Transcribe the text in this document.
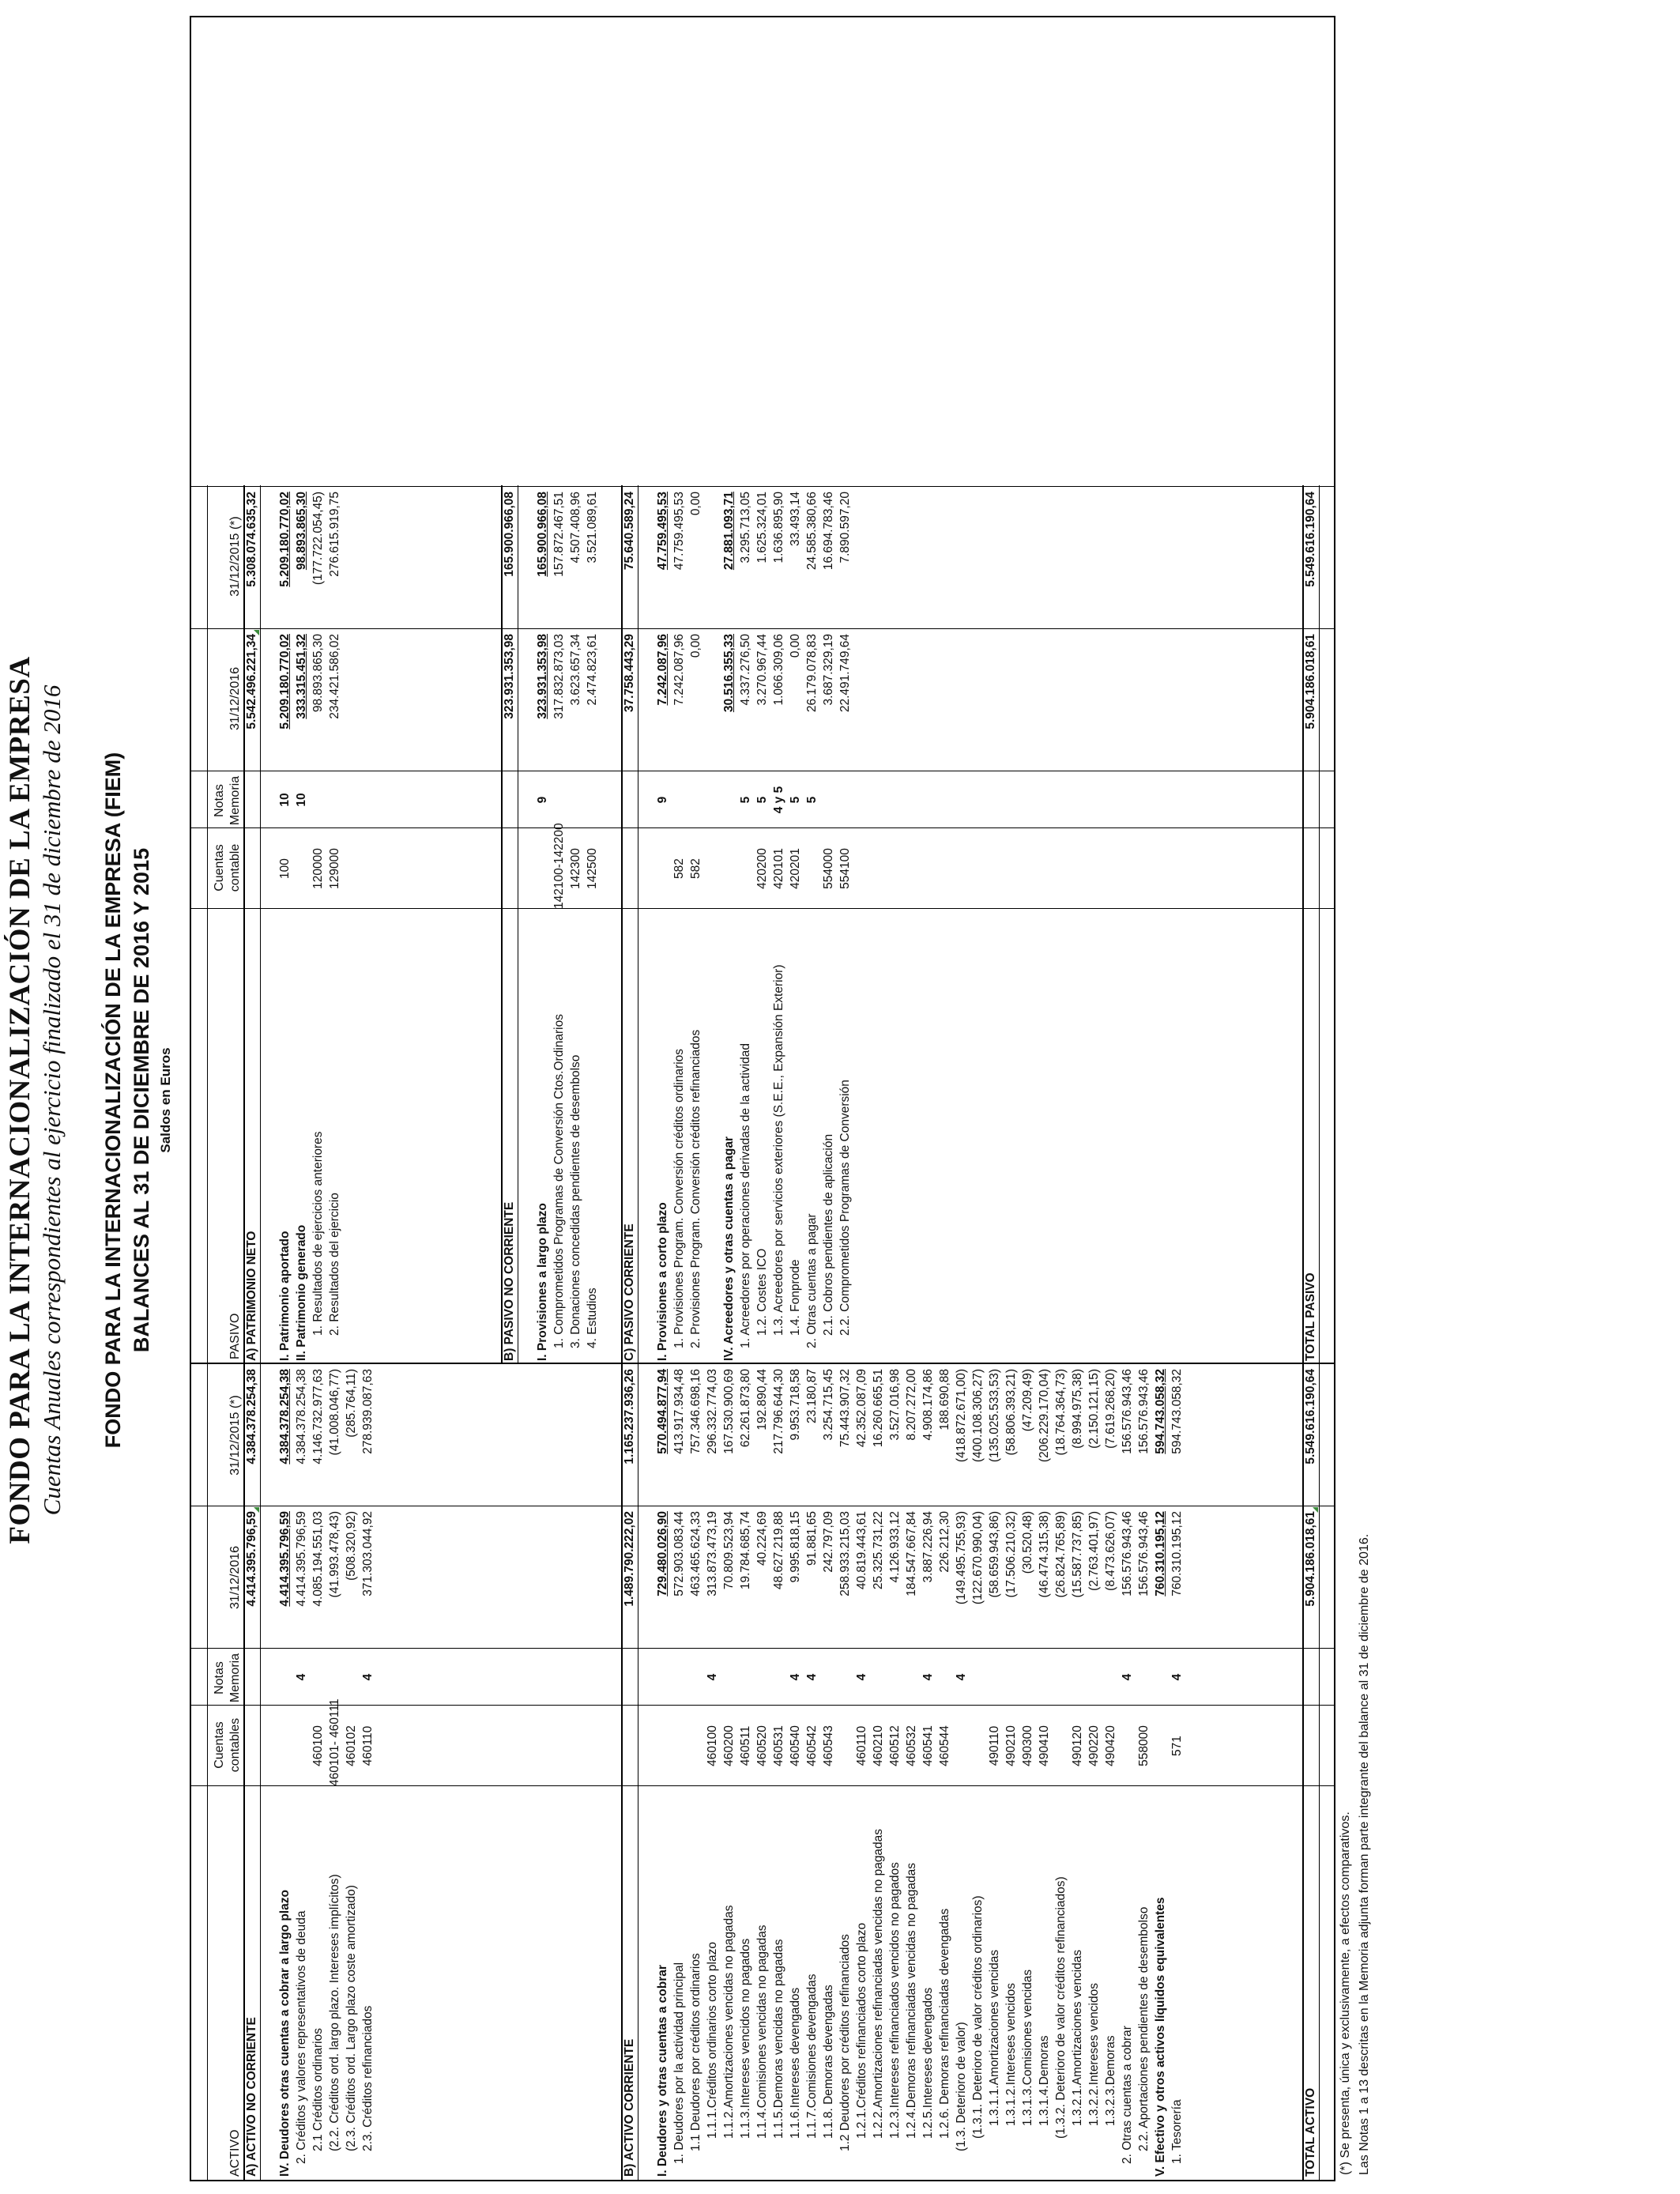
FONDO PARA LA INTERNACIONALIZACIÓN DE LA EMPRESA Cuentas Anuales correspondientes al ejercicio finalizado el 31 de diciembre de 2016 FONDO PARA LA INTERNACIONALIZACIÓN DE LA EMPRESA (FIEM) BALANCES AL 31 DE DICIEMBRE DE 2016 Y 2015 Saldos en Euros
ACTIVO
Cuentas contables
Notas Memoria
31/12/2016
31/12/2015 (*)
PASIVO
Cuentas contable
Notas Memoria
31/12/2016
31/12/2015 (*)
A) ACTIVO NO CORRIENTE
4.414.395.796,59
4.384.378.254,38
IV. Deudores otras cuentas a cobrar a largo plazo
4.414.395.796,59
4.384.378.254,38
2. Créditos y valores representativos de deuda
4
4.414.395.796,59
4.384.378.254,38
2.1 Créditos ordinarios
460100
4.085.194.551,03
4.146.732.977,63
(2.2. Créditos ord. largo plazo. Intereses implícitos)
460101- 460111
(41.993.478,43)
(41.008.046,77)
(2.3. Créditos ord. Largo plazo coste amortizado)
460102
(508.320,92)
(285.764,11)
2.3. Créditos refinanciados
460110
4
371.303.044,92
278.939.087,63
B) ACTIVO CORRIENTE
1.489.790.222,02
1.165.237.936,26
I. Deudores y otras cuentas a cobrar
729.480.026,90
570.494.877,94
1. Deudores por la actividad principal
572.903.083,44
413.917.934,48
1.1 Deudores por créditos ordinarios
463.465.624,33
757.346.698,16
1.1.1.Créditos ordinarios corto plazo
460100
4
313.873.473,19
296.332.774,03
1.1.2.Amortizaciones vencidas no pagadas
460200
70.809.523,94
167.530.900,69
1.1.3.Intereses vencidos no pagados
460511
19.784.685,74
62.261.873,80
1.1.4.Comisiones vencidas no pagadas
460520
40.224,69
192.890,44
1.1.5.Demoras vencidas no pagadas
460531
48.627.219,88
217.796.644,30
1.1.6.Intereses devengados
460540
4
9.995.818,15
9.953.718,58
1.1.7.Comisiones devengadas
460542
4
91.881,65
23.180,87
1.1.8. Demoras devengadas
460543
242.797,09
3.254.715,45
1.2 Deudores por créditos refinanciados
258.933.215,03
75.443.907,32
1.2.1.Créditos refinanciados corto plazo
460110
4
40.819.443,61
42.352.087,09
1.2.2.Amortizaciones refinanciadas vencidas no pagadas
460210
25.325.731,22
16.260.665,51
1.2.3.Intereses refinanciados vencidos no pagados
460512
4.126.933,12
3.527.016,98
1.2.4.Demoras refinanciadas vencidas no pagadas
460532
184.547.667,84
8.207.272,00
1.2.5.Intereses devengados
460541
4
3.887.226,94
4.908.174,86
1.2.6. Demoras refinanciadas devengadas
460544
226.212,30
188.690,88
(1.3. Deterioro de valor)
4
(149.495.755,93)
(418.872.671,00)
(1.3.1. Deterioro de valor créditos ordinarios)
(122.670.990,04)
(400.108.306,27)
1.3.1.1.Amortizaciones vencidas
490110
(58.659.943,86)
(135.025.533,53)
1.3.1.2.Intereses vencidos
490210
(17.506.210,32)
(58.806.393,21)
1.3.1.3.Comisiones vencidas
490300
(30.520,48)
(47.209,49)
1.3.1.4.Demoras
490410
(46.474.315,38)
(206.229.170,04)
(1.3.2. Deterioro de valor créditos refinanciados)
(26.824.765,89)
(18.764.364,73)
1.3.2.1.Amortizaciones vencidas
490120
(15.587.737,85)
(8.994.975,38)
1.3.2.2.Intereses vencidos
490220
(2.763.401,97)
(2.150.121,15)
1.3.2.3.Demoras
490420
(8.473.626,07)
(7.619.268,20)
2. Otras cuentas a cobrar
4
156.576.943,46
156.576.943,46
2.2. Aportaciones pendientes de desembolso
558000
156.576.943,46
156.576.943,46
V. Efectivo y otros activos líquidos equivalentes
760.310.195,12
594.743.058,32
1. Tesorería
571
4
760.310.195,12
594.743.058,32
TOTAL ACTIVO
5.904.186.018,61
5.549.616.190,64
A) PATRIMONIO NETO
5.542.496.221,34
5.308.074.635,32
I. Patrimonio aportado
100
10
5.209.180.770,02
5.209.180.770,02
II. Patrimonio generado
10
333.315.451,32
98.893.865,30
1. Resultados de ejercicios anteriores
120000
98.893.865,30
(177.722.054,45)
2. Resultados del ejercicio
129000
234.421.586,02
276.615.919,75
B) PASIVO NO CORRIENTE
323.931.353,98
165.900.966,08
I. Provisiones a largo plazo
9
323.931.353,98
165.900.966,08
1. Comprometidos Programas de Conversión Ctos.Ordinarios
142100-142200
317.832.873,03
157.872.467,51
3. Donaciones concedidas pendientes de desembolso
142300
3.623.657,34
4.507.408,96
4. Estudios
142500
2.474.823,61
3.521.089,61
C) PASIVO CORRIENTE
37.758.443,29
75.640.589,24
I. Provisiones a corto plazo
9
7.242.087,96
47.759.495,53
1. Provisiones Program. Conversión créditos ordinarios
582
7.242.087,96
47.759.495,53
2. Provisiones Program. Conversión créditos refinanciados
582
0,00
0,00
IV. Acreedores y otras cuentas a pagar
30.516.355,33
27.881.093,71
1. Acreedores por operaciones derivadas de la actividad
5
4.337.276,50
3.295.713,05
1.2. Costes ICO
420200
5
3.270.967,44
1.625.324,01
1.3. Acreedores por servicios exteriores (S.E.E., Expansión Exterior)
420101
4 y 5
1.066.309,06
1.636.895,90
1.4. Fonprode
420201
5
0,00
33.493,14
2. Otras cuentas a pagar
5
26.179.078,83
24.585.380,66
2.1. Cobros pendientes de aplicación
554000
3.687.329,19
16.694.783,46
2.2. Comprometidos Programas de Conversión
554100
22.491.749,64
7.890.597,20
TOTAL PASIVO
5.904.186.018,61
5.549.616.190,64
(*) Se presenta, única y exclusivamente, a efectos comparativos. Las Notas 1 a 13 descritas en la Memoria adjunta forman parte integrante del balance al 31 de diciembre de 2016.
